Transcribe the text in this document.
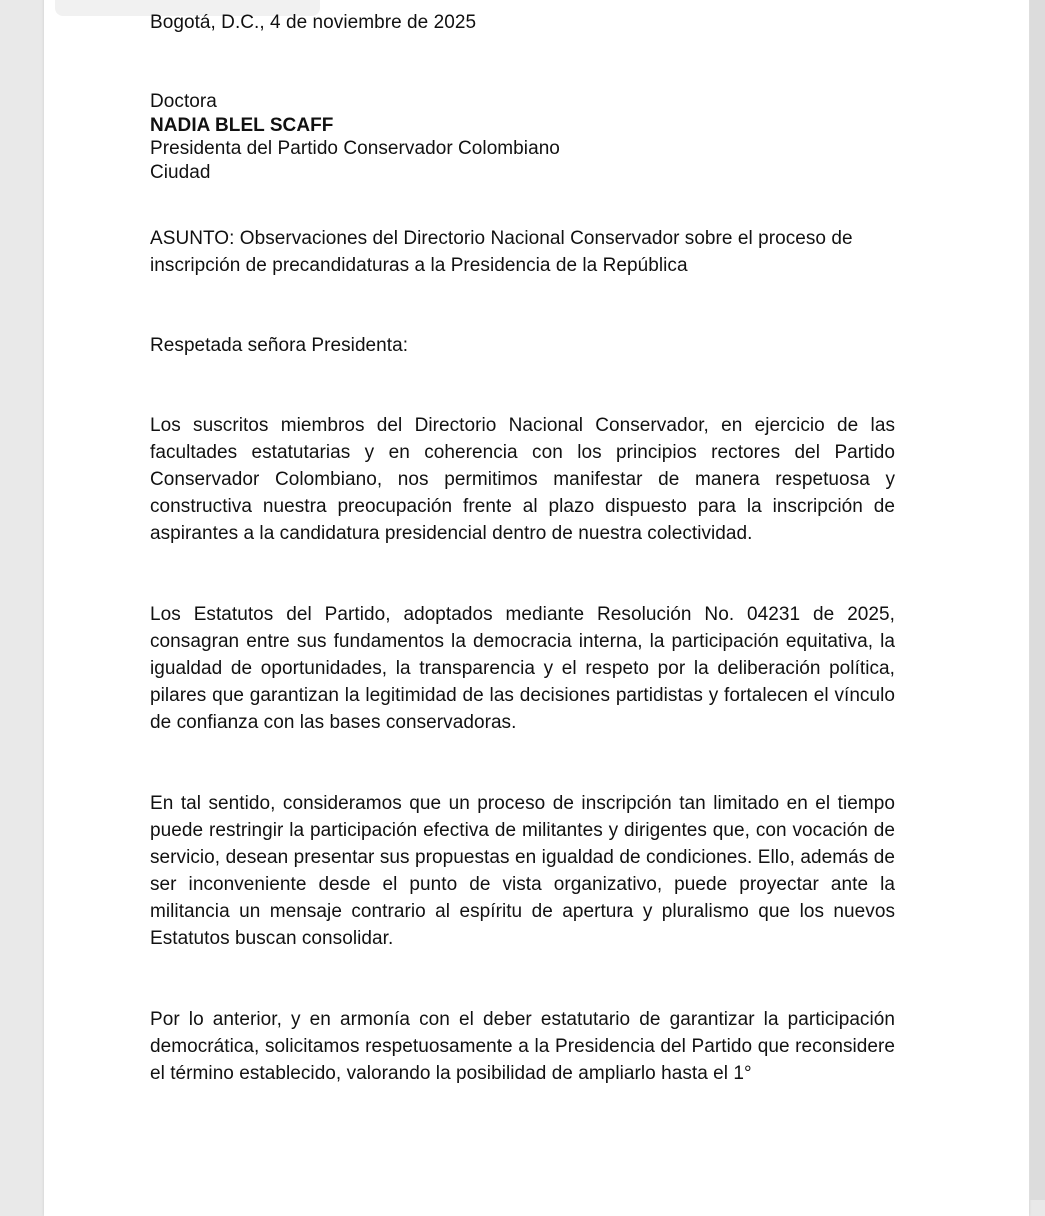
Bogotá, D.C., 4 de noviembre de 2025
Doctora
NADIA BLEL SCAFF
Presidenta del Partido Conservador Colombiano
Ciudad
ASUNTO: Observaciones del Directorio Nacional Conservador sobre el proceso de inscripción de precandidaturas a la Presidencia de la República
Respetada señora Presidenta:
Los suscritos miembros del Directorio Nacional Conservador, en ejercicio de las facultades estatutarias y en coherencia con los principios rectores del Partido Conservador Colombiano, nos permitimos manifestar de manera respetuosa y constructiva nuestra preocupación frente al plazo dispuesto para la inscripción de aspirantes a la candidatura presidencial dentro de nuestra colectividad.
Los Estatutos del Partido, adoptados mediante Resolución No. 04231 de 2025, consagran entre sus fundamentos la democracia interna, la participación equitativa, la igualdad de oportunidades, la transparencia y el respeto por la deliberación política, pilares que garantizan la legitimidad de las decisiones partidistas y fortalecen el vínculo de confianza con las bases conservadoras.
En tal sentido, consideramos que un proceso de inscripción tan limitado en el tiempo puede restringir la participación efectiva de militantes y dirigentes que, con vocación de servicio, desean presentar sus propuestas en igualdad de condiciones. Ello, además de ser inconveniente desde el punto de vista organizativo, puede proyectar ante la militancia un mensaje contrario al espíritu de apertura y pluralismo que los nuevos Estatutos buscan consolidar.
Por lo anterior, y en armonía con el deber estatutario de garantizar la participación democrática, solicitamos respetuosamente a la Presidencia del Partido que reconsidere el término establecido, valorando la posibilidad de ampliarlo hasta el 1°
